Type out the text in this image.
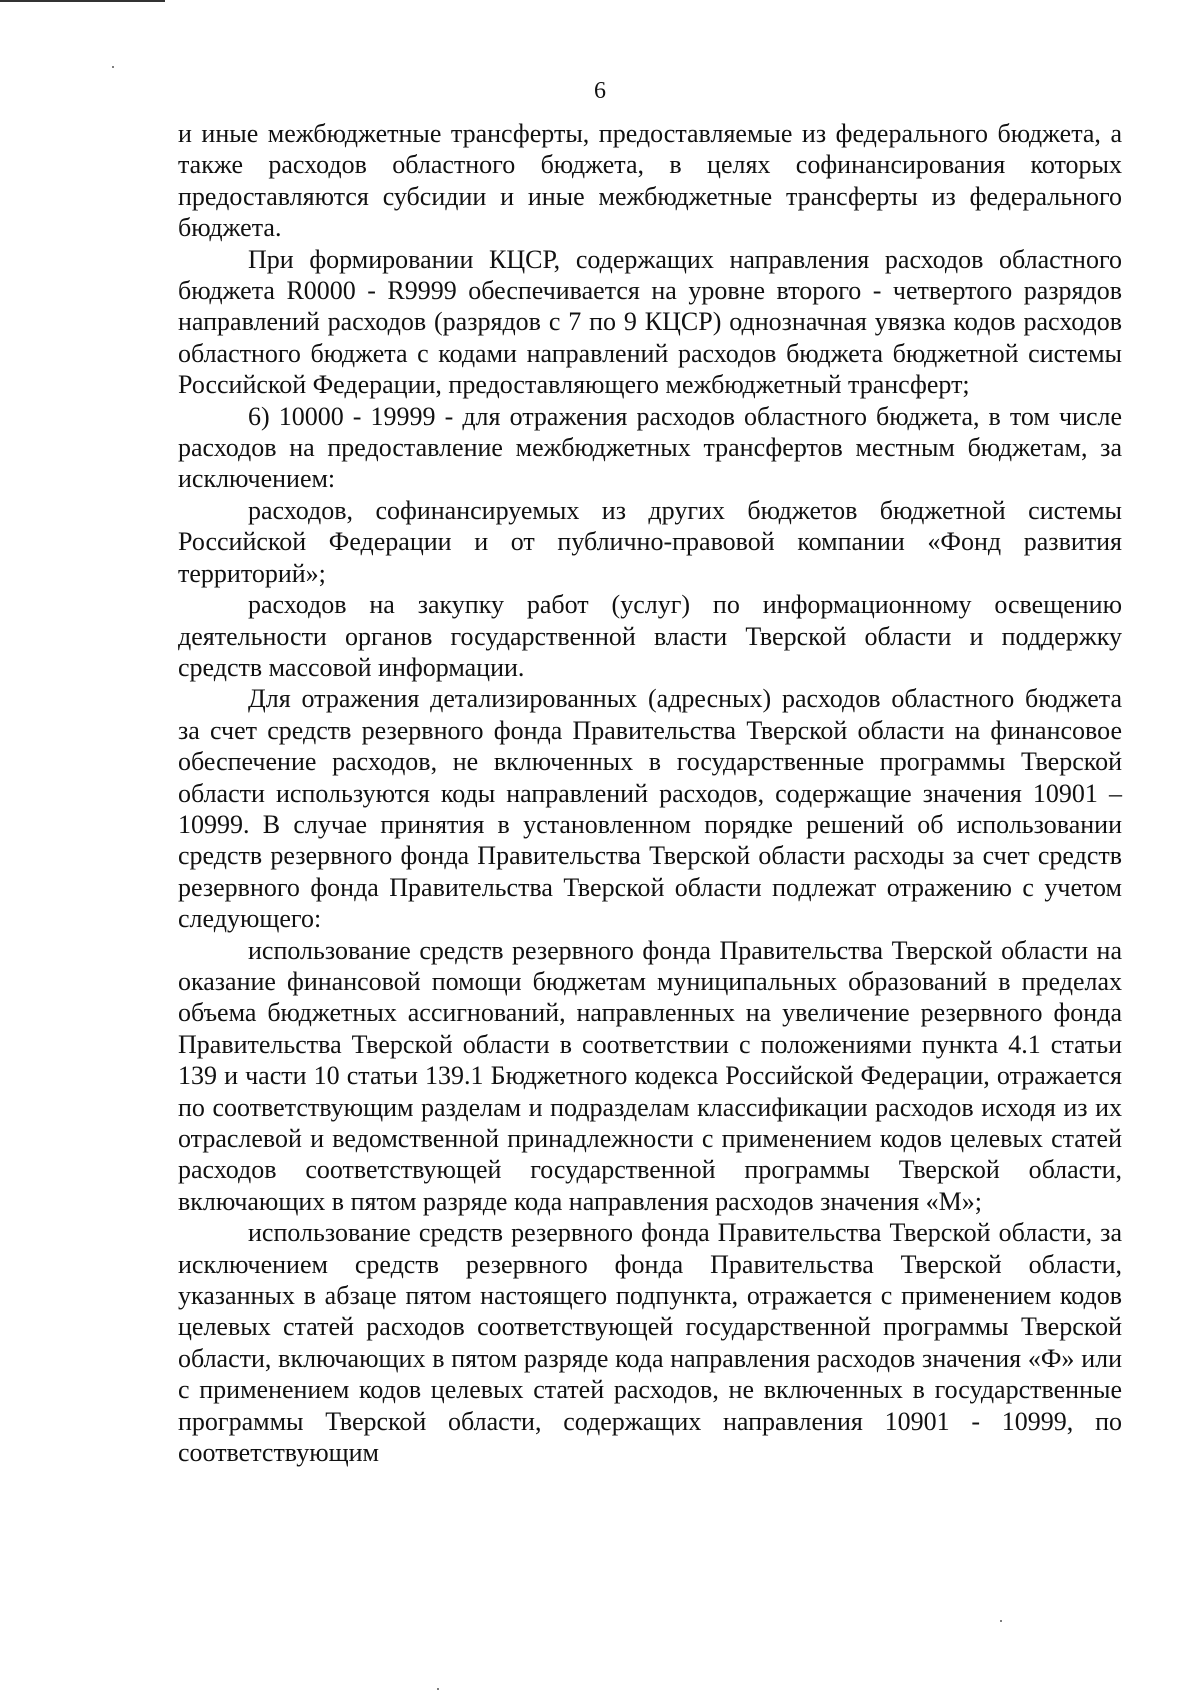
6

и иные межбюджетные трансферты, предоставляемые из федерального бюджета, а также расходов областного бюджета, в целях софинансирования которых предоставляются субсидии и иные межбюджетные трансферты из федерального бюджета.

При формировании КЦСР, содержащих направления расходов областного бюджета R0000 - R9999 обеспечивается на уровне второго - четвертого разрядов направлений расходов (разрядов с 7 по 9 КЦСР) однозначная увязка кодов расходов областного бюджета с кодами направлений расходов бюджета бюджетной системы Российской Федерации, предоставляющего межбюджетный трансферт;

6) 10000 - 19999 - для отражения расходов областного бюджета, в том числе расходов на предоставление межбюджетных трансфертов местным бюджетам, за исключением:

расходов, софинансируемых из других бюджетов бюджетной системы Российской Федерации и от публично-правовой компании «Фонд развития территорий»;

расходов на закупку работ (услуг) по информационному освещению деятельности органов государственной власти Тверской области и поддержку средств массовой информации.

Для отражения детализированных (адресных) расходов областного бюджета за счет средств резервного фонда Правительства Тверской области на финансовое обеспечение расходов, не включенных в государственные программы Тверской области используются коды направлений расходов, содержащие значения 10901 – 10999. В случае принятия в установленном порядке решений об использовании средств резервного фонда Правительства Тверской области расходы за счет средств резервного фонда Правительства Тверской области подлежат отражению с учетом следующего:

использование средств резервного фонда Правительства Тверской области на оказание финансовой помощи бюджетам муниципальных образований в пределах объема бюджетных ассигнований, направленных на увеличение резервного фонда Правительства Тверской области в соответствии с положениями пункта 4.1 статьи 139 и части 10 статьи 139.1 Бюджетного кодекса Российской Федерации, отражается по соответствующим разделам и подразделам классификации расходов исходя из их отраслевой и ведомственной принадлежности с применением кодов целевых статей расходов соответствующей государственной программы Тверской области, включающих в пятом разряде кода направления расходов значения «М»;

использование средств резервного фонда Правительства Тверской области, за исключением средств резервного фонда Правительства Тверской области, указанных в абзаце пятом настоящего подпункта, отражается с применением кодов целевых статей расходов соответствующей государственной программы Тверской области, включающих в пятом разряде кода направления расходов значения «Ф» или с применением кодов целевых статей расходов, не включенных в государственные программы Тверской области, содержащих направления 10901 - 10999, по соответствующим
